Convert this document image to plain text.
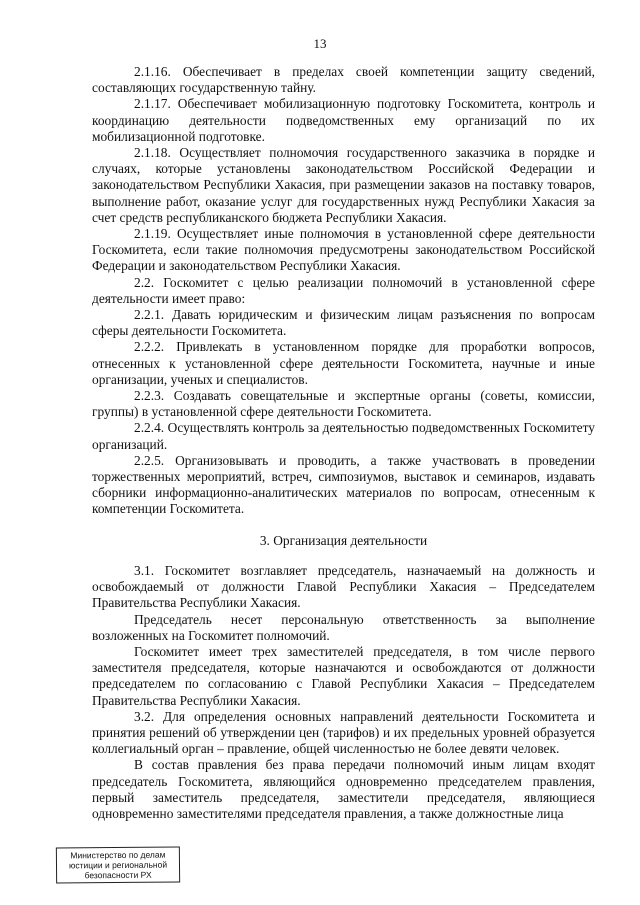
13

2.1.16. Обеспечивает в пределах своей компетенции защиту сведений, составляющих государственную тайну.

2.1.17. Обеспечивает мобилизационную подготовку Госкомитета, контроль и координацию деятельности подведомственных ему организаций по их мобилизационной подготовке.

2.1.18. Осуществляет полномочия государственного заказчика в порядке и случаях, которые установлены законодательством Российской Федерации и законодательством Республики Хакасия, при размещении заказов на поставку товаров, выполнение работ, оказание услуг для государственных нужд Республики Хакасия за счет средств республиканского бюджета Республики Хакасия.

2.1.19. Осуществляет иные полномочия в установленной сфере деятельности Госкомитета, если такие полномочия предусмотрены законодательством Российской Федерации и законодательством Республики Хакасия.

2.2. Госкомитет с целью реализации полномочий в установленной сфере деятельности имеет право:

2.2.1. Давать юридическим и физическим лицам разъяснения по вопросам сферы деятельности Госкомитета.

2.2.2. Привлекать в установленном порядке для проработки вопросов, отнесенных к установленной сфере деятельности Госкомитета, научные и иные организации, ученых и специалистов.

2.2.3. Создавать совещательные и экспертные органы (советы, комиссии, группы) в установленной сфере деятельности Госкомитета.

2.2.4. Осуществлять контроль за деятельностью подведомственных Госкомитету организаций.

2.2.5. Организовывать и проводить, а также участвовать в проведении торжественных мероприятий, встреч, симпозиумов, выставок и семинаров, издавать сборники информационно-аналитических материалов по вопросам, отнесенным к компетенции Госкомитета.

3. Организация деятельности

3.1. Госкомитет возглавляет председатель, назначаемый на должность и освобождаемый от должности Главой Республики Хакасия – Председателем Правительства Республики Хакасия.

Председатель несет персональную ответственность за выполнение возложенных на Госкомитет полномочий.

Госкомитет имеет трех заместителей председателя, в том числе первого заместителя председателя, которые назначаются и освобождаются от должности председателем по согласованию с Главой Республики Хакасия – Председателем Правительства Республики Хакасия.

3.2. Для определения основных направлений деятельности Госкомитета и принятия решений об утверждении цен (тарифов) и их предельных уровней образуется коллегиальный орган – правление, общей численностью не более девяти человек.

В состав правления без права передачи полномочий иным лицам входят председатель Госкомитета, являющийся одновременно председателем правления, первый заместитель председателя, заместители председателя, являющиеся одновременно заместителями председателя правления, а также должностные лица

Министерство по делам
юстиции и региональной
безопасности РХ
